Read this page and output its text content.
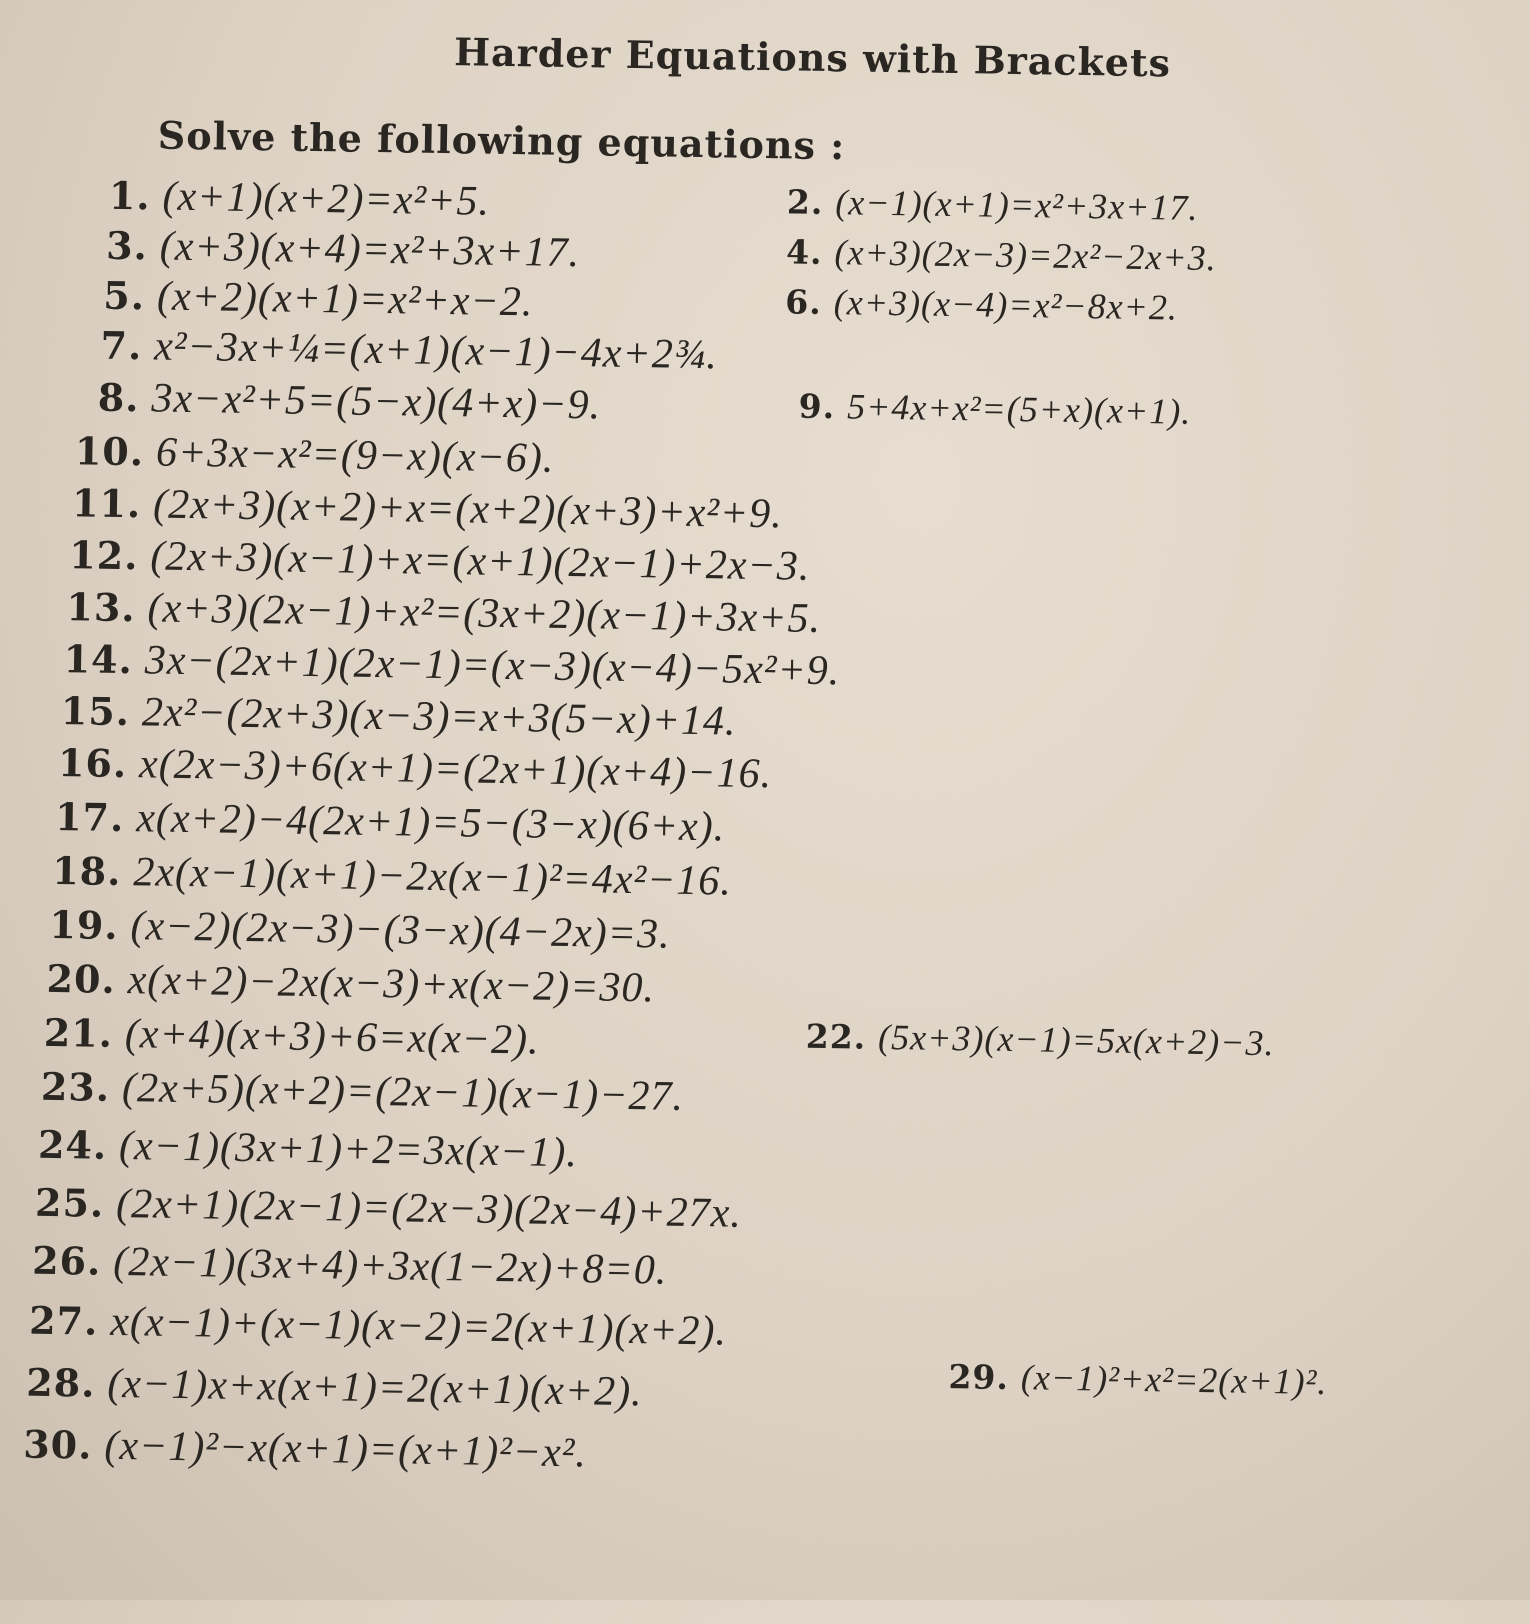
Harder Equations with Brackets
Solve the following equations :
1. (x+1)(x+2)=x²+5.	2. (x−1)(x+1)=x²+3x+17.
3. (x+3)(x+4)=x²+3x+17.	4. (x+3)(2x−3)=2x²−2x+3.
5. (x+2)(x+1)=x²+x−2.	6. (x+3)(x−4)=x²−8x+2.
7. x²−3x+¼=(x+1)(x−1)−4x+2¾.
8. 3x−x²+5=(5−x)(4+x)−9.	9. 5+4x+x²=(5+x)(x+1).
10. 6+3x−x²=(9−x)(x−6).
11. (2x+3)(x+2)+x=(x+2)(x+3)+x²+9.
12. (2x+3)(x−1)+x=(x+1)(2x−1)+2x−3.
13. (x+3)(2x−1)+x²=(3x+2)(x−1)+3x+5.
14. 3x−(2x+1)(2x−1)=(x−3)(x−4)−5x²+9.
15. 2x²−(2x+3)(x−3)=x+3(5−x)+14.
16. x(2x−3)+6(x+1)=(2x+1)(x+4)−16.
17. x(x+2)−4(2x+1)=5−(3−x)(6+x).
18. 2x(x−1)(x+1)−2x(x−1)²=4x²−16.
19. (x−2)(2x−3)−(3−x)(4−2x)=3.
20. x(x+2)−2x(x−3)+x(x−2)=30.
21. (x+4)(x+3)+6=x(x−2).	22. (5x+3)(x−1)=5x(x+2)−3.
23. (2x+5)(x+2)=(2x−1)(x−1)−27.
24. (x−1)(3x+1)+2=3x(x−1).
25. (2x+1)(2x−1)=(2x−3)(2x−4)+27x.
26. (2x−1)(3x+4)+3x(1−2x)+8=0.
27. x(x−1)+(x−1)(x−2)=2(x+1)(x+2).
28. (x−1)x+x(x+1)=2(x+1)(x+2).	29. (x−1)²+x²=2(x+1)².
30. (x−1)²−x(x+1)=(x+1)²−x².
